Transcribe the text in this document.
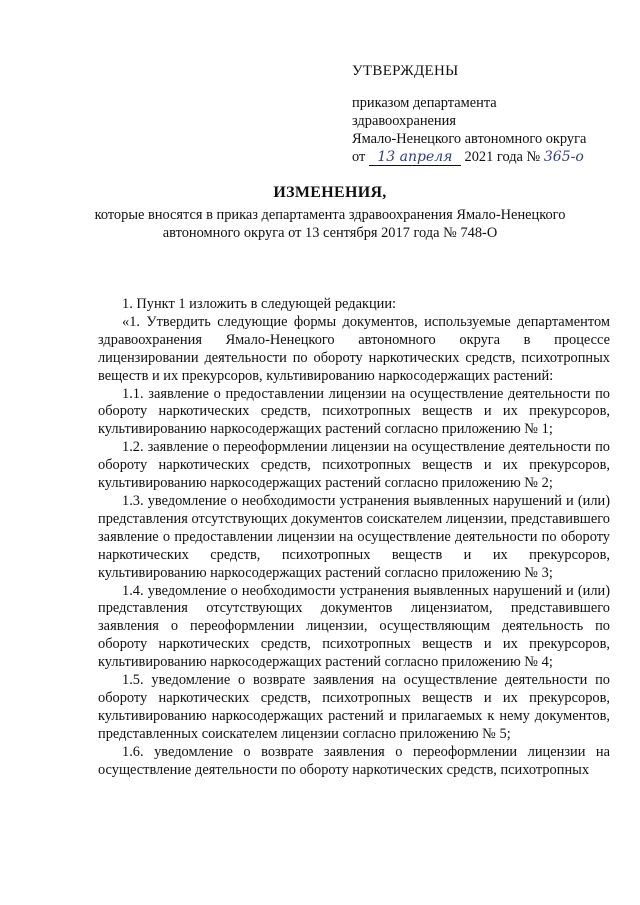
УТВЕРЖДЕНЫ
приказом департамента
здравоохранения
Ямало-Ненецкого автономного округа
от 13 апреля 2021 года № 365-о
ИЗМЕНЕНИЯ,
которые вносятся в приказ департамента здравоохранения Ямало-Ненецкого
автономного округа от 13 сентября 2017 года № 748-О

1. Пункт 1 изложить в следующей редакции:

«1. Утвердить следующие формы документов, используемые департаментом здравоохранения Ямало-Ненецкого автономного округа в процессе лицензировании деятельности по обороту наркотических средств, психотропных веществ и их прекурсоров, культивированию наркосодержащих растений:

1.1. заявление о предоставлении лицензии на осуществление деятельности по обороту наркотических средств, психотропных веществ и их прекурсоров, культивированию наркосодержащих растений согласно приложению № 1;

1.2. заявление о переоформлении лицензии на осуществление деятельности по обороту наркотических средств, психотропных веществ и их прекурсоров, культивированию наркосодержащих растений согласно приложению № 2;

1.3. уведомление о необходимости устранения выявленных нарушений и (или) представления отсутствующих документов соискателем лицензии, представившего заявление о предоставлении лицензии на осуществление деятельности по обороту наркотических средств, психотропных веществ и их прекурсоров, культивированию наркосодержащих растений согласно приложению № 3;

1.4. уведомление о необходимости устранения выявленных нарушений и (или) представления отсутствующих документов лицензиатом, представившего заявления о переоформлении лицензии, осуществляющим деятельность по обороту наркотических средств, психотропных веществ и их прекурсоров, культивированию наркосодержащих растений согласно приложению № 4;

1.5. уведомление о возврате заявления на осуществление деятельности по обороту наркотических средств, психотропных веществ и их прекурсоров, культивированию наркосодержащих растений и прилагаемых к нему документов, представленных соискателем лицензии согласно приложению № 5;

1.6. уведомление о возврате заявления о переоформлении лицензии на осуществление деятельности по обороту наркотических средств, психотропных
